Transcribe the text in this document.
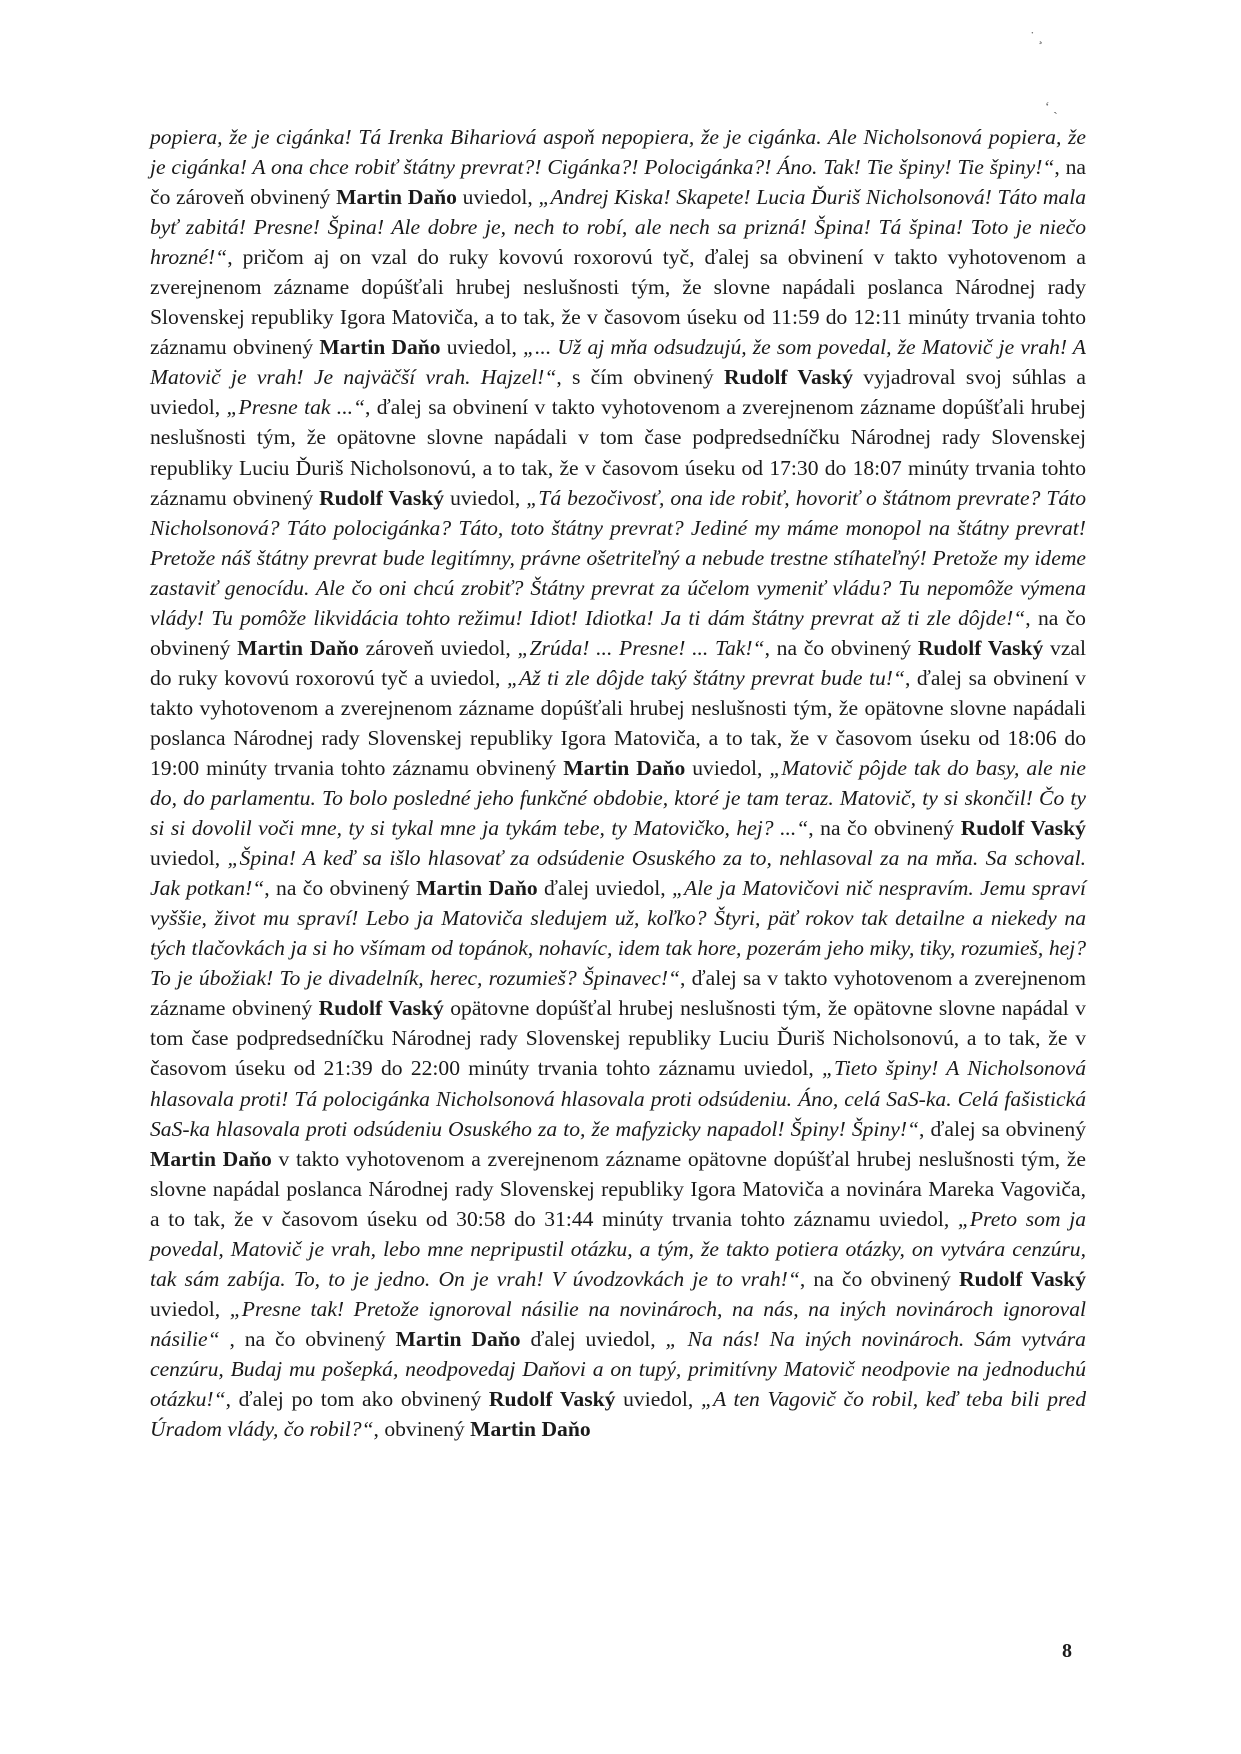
˙ ¸
‘ ˎ
popiera, že je cigánka! Tá Irenka Bihariová aspoň nepopiera, že je cigánka. Ale Nicholsonová popiera, že je cigánka! A ona chce robiť štátny prevrat?! Cigánka?! Polocigánka?! Áno. Tak! Tie špiny! Tie špiny!“, na čo zároveň obvinený Martin Daňo uviedol, „Andrej Kiska! Skapete! Lucia Ďuriš Nicholsonová! Táto mala byť zabitá! Presne! Špina! Ale dobre je, nech to robí, ale nech sa prizná! Špina! Tá špina! Toto je niečo hrozné!“, pričom aj on vzal do ruky kovovú roxorovú tyč, ďalej sa obvinení v takto vyhotovenom a zverejnenom zázname dopúšťali hrubej neslušnosti tým, že slovne napádali poslanca Národnej rady Slovenskej republiky Igora Matoviča, a to tak, že v časovom úseku od 11:59 do 12:11 minúty trvania tohto záznamu obvinený Martin Daňo uviedol, „... Už aj mňa odsudzujú, že som povedal, že Matovič je vrah! A Matovič je vrah! Je najväčší vrah. Hajzel!“, s čím obvinený Rudolf Vaský vyjadroval svoj súhlas a uviedol, „Presne tak ...“, ďalej sa obvinení v takto vyhotovenom a zverejnenom zázname dopúšťali hrubej neslušnosti tým, že opätovne slovne napádali v tom čase podpredsedníčku Národnej rady Slovenskej republiky Luciu Ďuriš Nicholsonovú, a to tak, že v časovom úseku od 17:30 do 18:07 minúty trvania tohto záznamu obvinený Rudolf Vaský uviedol, „Tá bezočivosť, ona ide robiť, hovoriť o štátnom prevrate? Táto Nicholsonová? Táto polocigánka? Táto, toto štátny prevrat? Jediné my máme monopol na štátny prevrat! Pretože náš štátny prevrat bude legitímny, právne ošetriteľný a nebude trestne stíhateľný! Pretože my ideme zastaviť genocídu. Ale čo oni chcú zrobiť? Štátny prevrat za účelom vymeniť vládu? Tu nepomôže výmena vlády! Tu pomôže likvidácia tohto režimu! Idiot! Idiotka! Ja ti dám štátny prevrat až ti zle dôjde!“, na čo obvinený Martin Daňo zároveň uviedol, „Zrúda! ... Presne! ... Tak!“, na čo obvinený Rudolf Vaský vzal do ruky kovovú roxorovú tyč a uviedol, „Až ti zle dôjde taký štátny prevrat bude tu!“, ďalej sa obvinení v takto vyhotovenom a zverejnenom zázname dopúšťali hrubej neslušnosti tým, že opätovne slovne napádali poslanca Národnej rady Slovenskej republiky Igora Matoviča, a to tak, že v časovom úseku od 18:06 do 19:00 minúty trvania tohto záznamu obvinený Martin Daňo uviedol, „Matovič pôjde tak do basy, ale nie do, do parlamentu. To bolo posledné jeho funkčné obdobie, ktoré je tam teraz. Matovič, ty si skončil! Čo ty si si dovolil voči mne, ty si tykal mne ja tykám tebe, ty Matovičko, hej? ...“, na čo obvinený Rudolf Vaský uviedol, „Špina! A keď sa išlo hlasovať za odsúdenie Osuského za to, nehlasoval za na mňa. Sa schoval. Jak potkan!“, na čo obvinený Martin Daňo ďalej uviedol, „Ale ja Matovičovi nič nespravím. Jemu spraví vyššie, život mu spraví! Lebo ja Matoviča sledujem už, koľko? Štyri, päť rokov tak detailne a niekedy na tých tlačovkách ja si ho všímam od topánok, nohavíc, idem tak hore, pozerám jeho miky, tiky, rozumieš, hej? To je úbožiak! To je divadelník, herec, rozumieš? Špinavec!“, ďalej sa v takto vyhotovenom a zverejnenom zázname obvinený Rudolf Vaský opätovne dopúšťal hrubej neslušnosti tým, že opätovne slovne napádal v tom čase podpredsedníčku Národnej rady Slovenskej republiky Luciu Ďuriš Nicholsonovú, a to tak, že v časovom úseku od 21:39 do 22:00 minúty trvania tohto záznamu uviedol, „Tieto špiny! A Nicholsonová hlasovala proti! Tá polocigánka Nicholsonová hlasovala proti odsúdeniu. Áno, celá SaS-ka. Celá fašistická SaS-ka hlasovala proti odsúdeniu Osuského za to, že mafyzicky napadol! Špiny! Špiny!“, ďalej sa obvinený Martin Daňo v takto vyhotovenom a zverejnenom zázname opätovne dopúšťal hrubej neslušnosti tým, že slovne napádal poslanca Národnej rady Slovenskej republiky Igora Matoviča a novinára Mareka Vagoviča, a to tak, že v časovom úseku od 30:58 do 31:44 minúty trvania tohto záznamu uviedol, „Preto som ja povedal, Matovič je vrah, lebo mne nepripustil otázku, a tým, že takto potiera otázky, on vytvára cenzúru, tak sám zabíja. To, to je jedno. On je vrah! V úvodzovkách je to vrah!“, na čo obvinený Rudolf Vaský uviedol, „Presne tak! Pretože ignoroval násilie na novinároch, na nás, na iných novinároch ignoroval násilie“ , na čo obvinený Martin Daňo ďalej uviedol, „ Na nás! Na iných novinároch. Sám vytvára cenzúru, Budaj mu pošepká, neodpovedaj Daňovi a on tupý, primitívny Matovič neodpovie na jednoduchú otázku!“, ďalej po tom ako obvinený Rudolf Vaský uviedol, „A ten Vagovič čo robil, keď teba bili pred Úradom vlády, čo robil?“, obvinený Martin Daňo
8
